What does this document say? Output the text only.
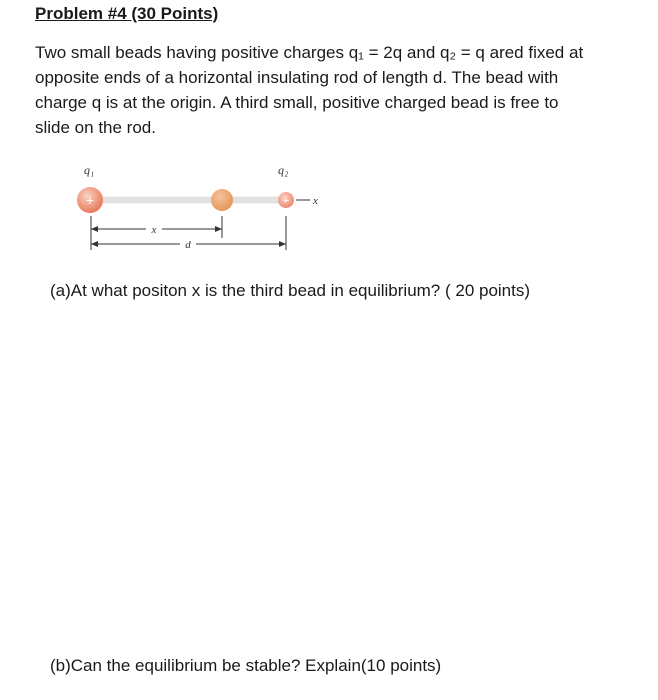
Problem #4 (30 Points)
Two small beads having positive charges q₁ = 2q and q₂ = q ared fixed at
opposite ends of a horizontal insulating rod of length d. The bead with
charge q is at the origin. A third small, positive charged bead is free to
slide on the rod.
q₁	q₂
+	+ x
x
d
(a)At what positon x is the third bead in equilibrium? ( 20 points)
(b)Can the equilibrium be stable? Explain(10 points)
